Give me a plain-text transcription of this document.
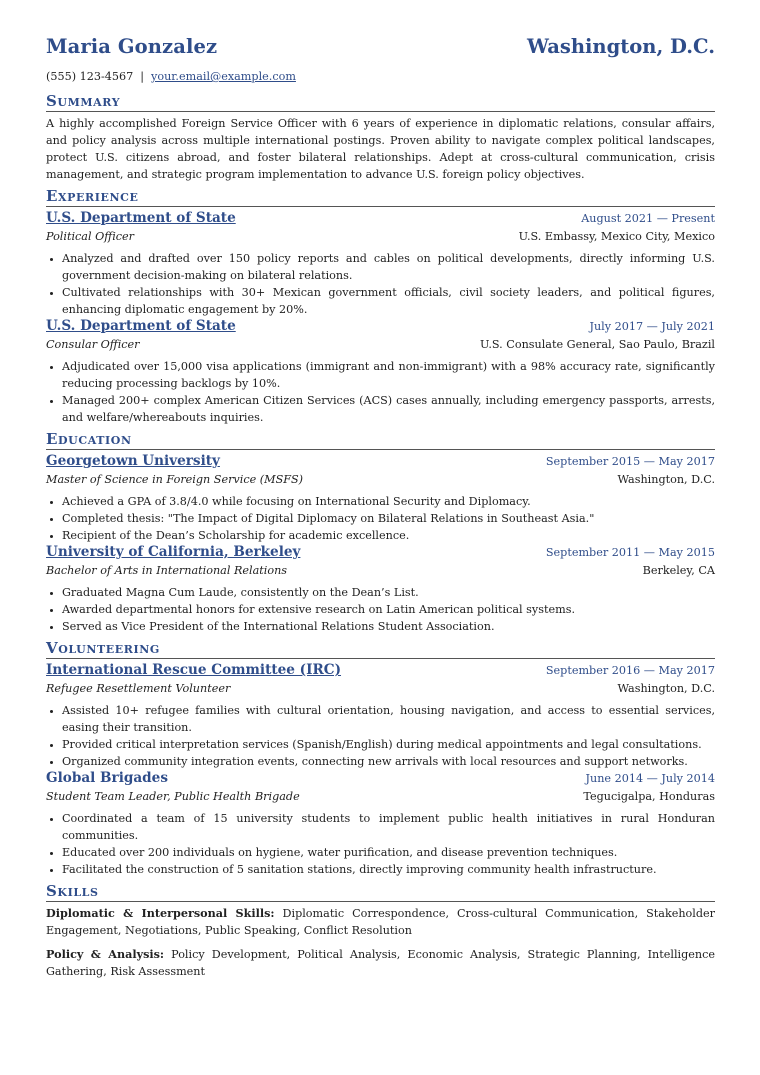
Maria Gonzalez	Washington, D.C.
(555) 123-4567 | your.email@example.com
Summary

A highly accomplished Foreign Service Officer with 6 years of experience in diplomatic relations, consular affairs, and policy analysis across multiple international postings. Proven ability to navigate complex political landscapes, protect U.S. citizens abroad, and foster bilateral relationships. Adept at cross-cultural communication, crisis management, and strategic program implementation to advance U.S. foreign policy objectives.

Experience
U.S. Department of State	August 2021 — Present
Political Officer	U.S. Embassy, Mexico City, Mexico
• Analyzed and drafted over 150 policy reports and cables on political developments, directly informing U.S. government decision-making on bilateral relations.
• Cultivated relationships with 30+ Mexican government officials, civil society leaders, and political figures, enhancing diplomatic engagement by 20%.
U.S. Department of State	July 2017 — July 2021
Consular Officer	U.S. Consulate General, Sao Paulo, Brazil
• Adjudicated over 15,000 visa applications (immigrant and non-immigrant) with a 98% accuracy rate, significantly reducing processing backlogs by 10%.
• Managed 200+ complex American Citizen Services (ACS) cases annually, including emergency passports, arrests, and welfare/whereabouts inquiries.
Education
Georgetown University	September 2015 — May 2017
Master of Science in Foreign Service (MSFS)	Washington, D.C.
• Achieved a GPA of 3.8/4.0 while focusing on International Security and Diplomacy.
• Completed thesis: "The Impact of Digital Diplomacy on Bilateral Relations in Southeast Asia."
• Recipient of the Dean’s Scholarship for academic excellence.
University of California, Berkeley	September 2011 — May 2015
Bachelor of Arts in International Relations	Berkeley, CA
• Graduated Magna Cum Laude, consistently on the Dean’s List.
• Awarded departmental honors for extensive research on Latin American political systems.
• Served as Vice President of the International Relations Student Association.
Volunteering
International Rescue Committee (IRC)	September 2016 — May 2017
Refugee Resettlement Volunteer	Washington, D.C.
• Assisted 10+ refugee families with cultural orientation, housing navigation, and access to essential services, easing their transition.
• Provided critical interpretation services (Spanish/English) during medical appointments and legal consultations.
• Organized community integration events, connecting new arrivals with local resources and support networks.
Global Brigades	June 2014 — July 2014
Student Team Leader, Public Health Brigade	Tegucigalpa, Honduras
• Coordinated a team of 15 university students to implement public health initiatives in rural Honduran communities.
• Educated over 200 individuals on hygiene, water purification, and disease prevention techniques.
• Facilitated the construction of 5 sanitation stations, directly improving community health infrastructure.
Skills

Diplomatic & Interpersonal Skills: Diplomatic Correspondence, Cross-cultural Communication, Stakeholder Engagement, Negotiations, Public Speaking, Conflict Resolution

Policy & Analysis: Policy Development, Political Analysis, Economic Analysis, Strategic Planning, Intelligence Gathering, Risk Assessment
